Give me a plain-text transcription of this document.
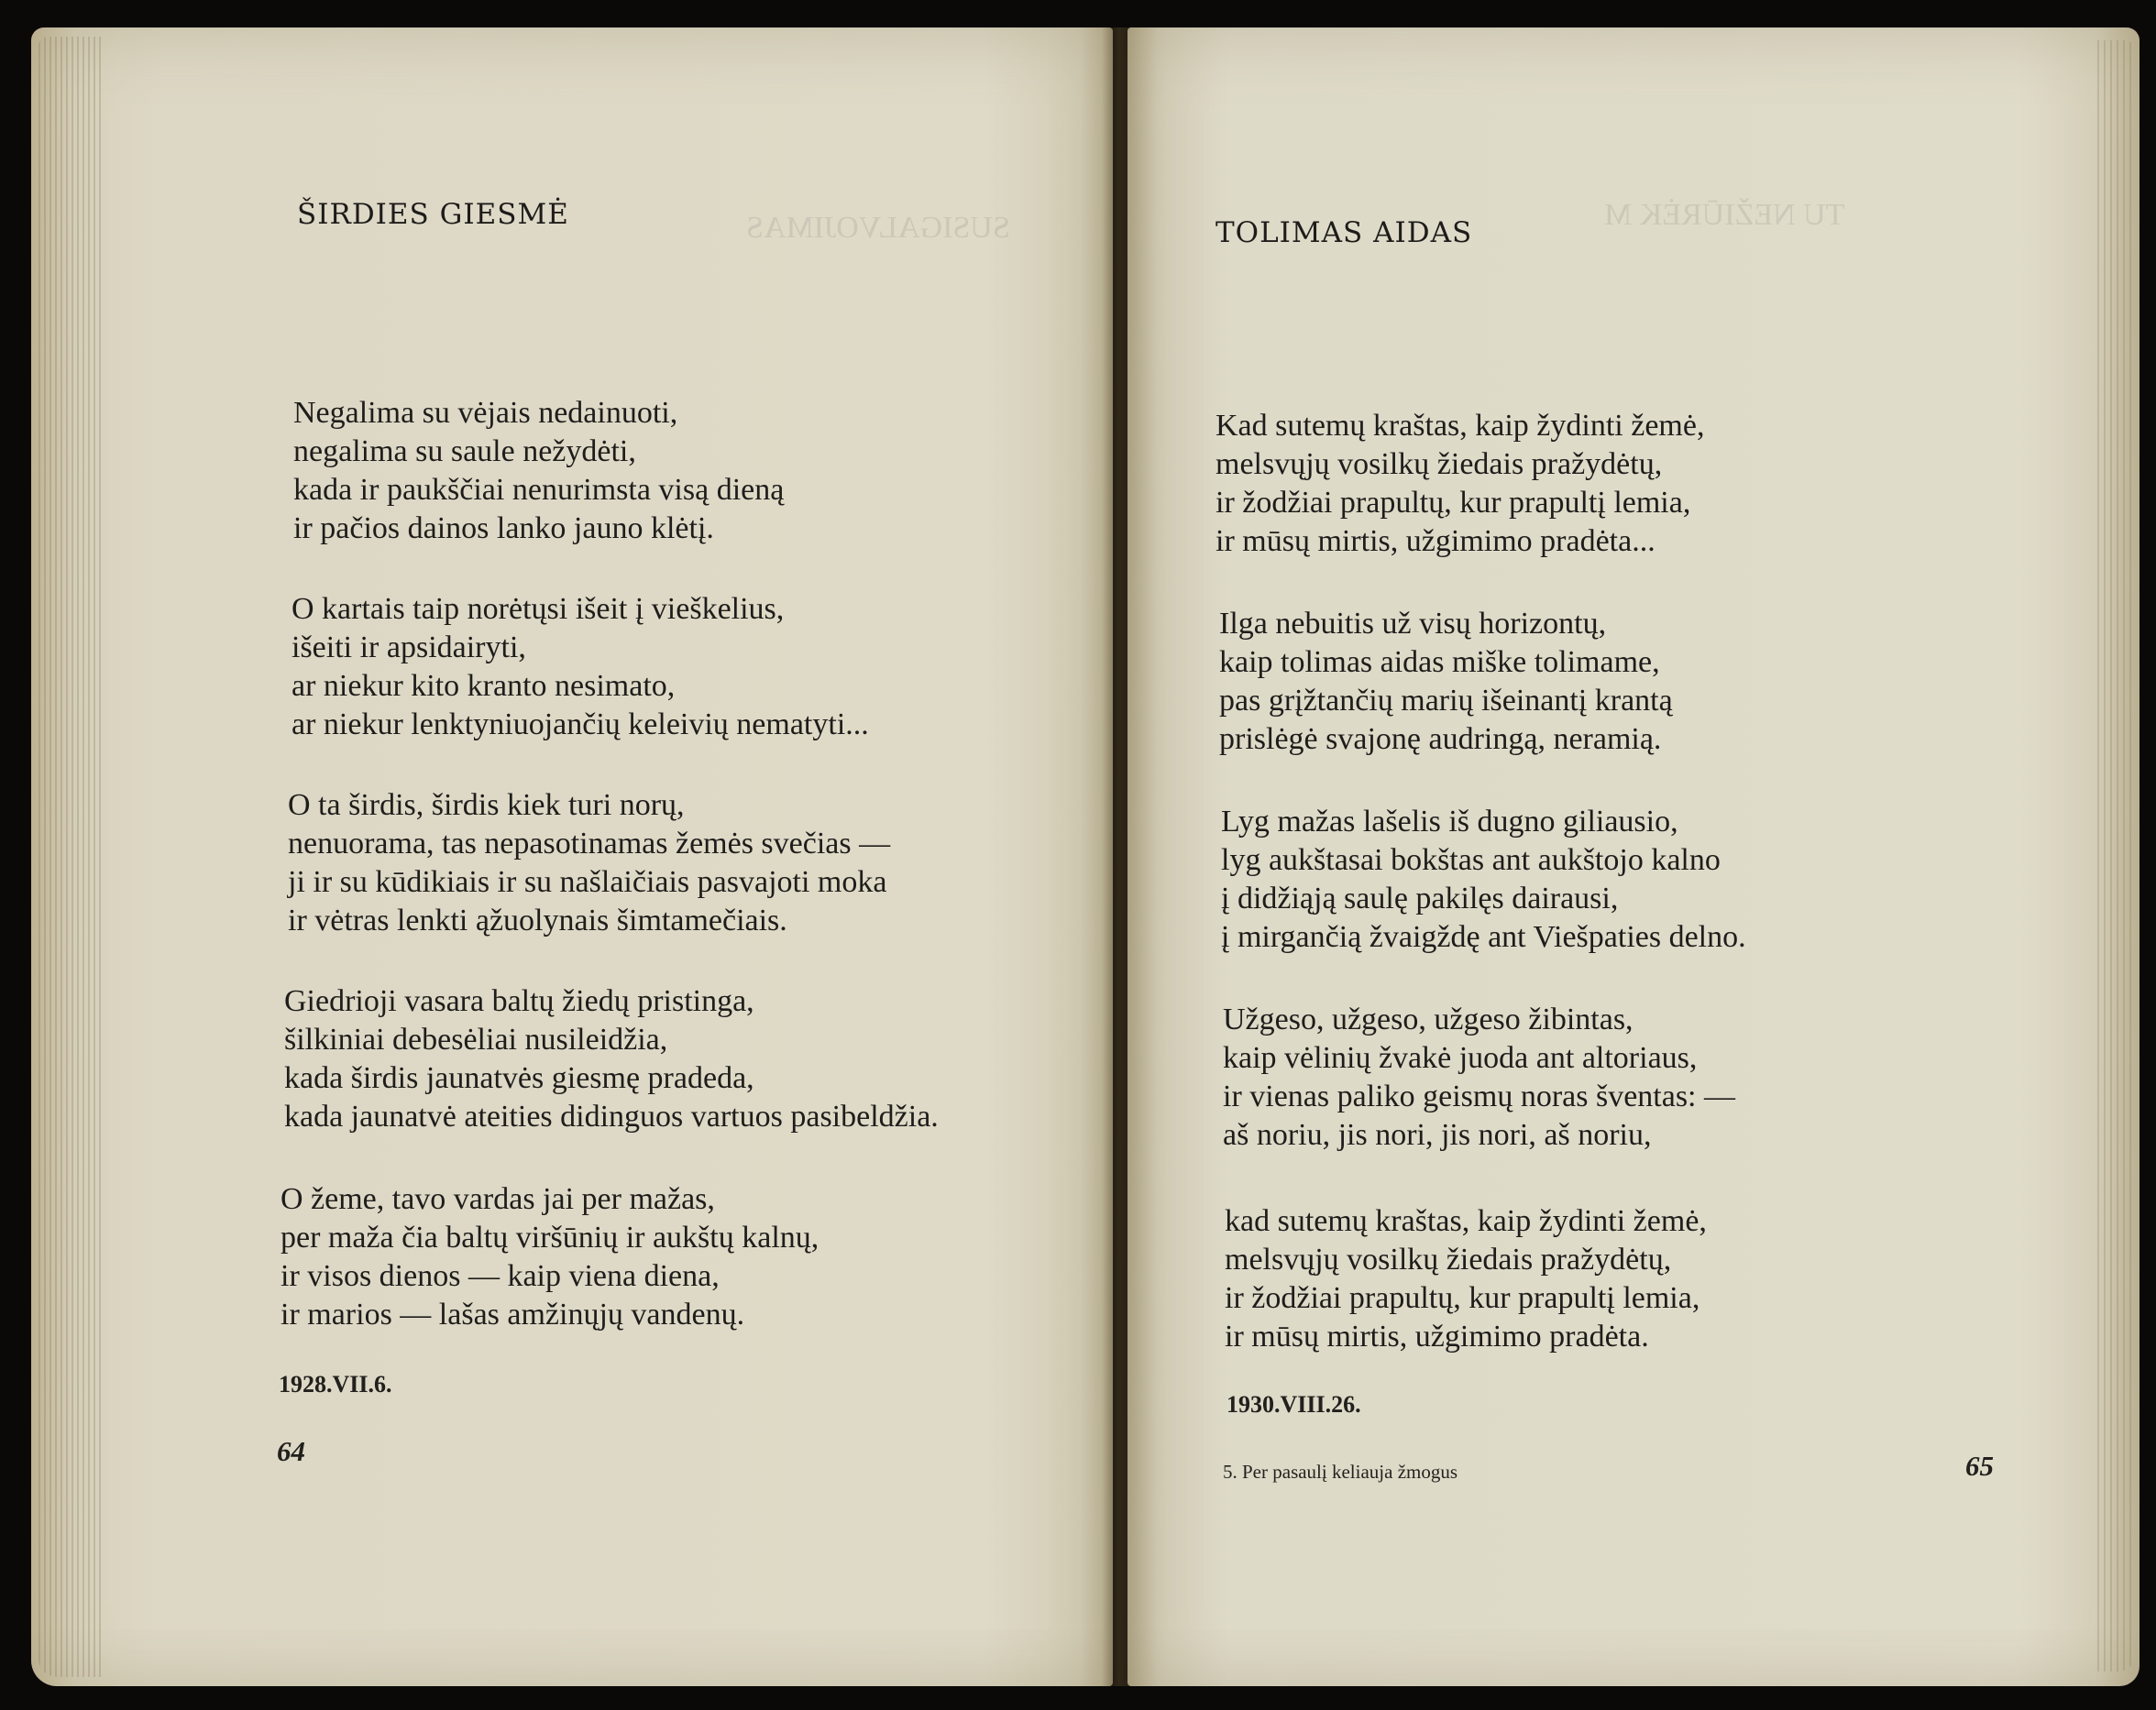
SUSIGALVOJIMAS
ŠIRDIES GIESMĖ
Negalima su vėjais nedainuoti,
negalima su saule nežydėti,
kada ir paukščiai nenurimsta visą dieną
ir pačios dainos lanko jauno klėtį.
O kartais taip norėtųsi išeit į vieškelius,
išeiti ir apsidairyti,
ar niekur kito kranto nesimato,
ar niekur lenktyniuojančių keleivių nematyti...
O ta širdis, širdis kiek turi norų,
nenuorama, tas nepasotinamas žemės svečias —
ji ir su kūdikiais ir su našlaičiais pasvajoti moka
ir vėtras lenkti ąžuolynais šimtamečiais.
Giedrioji vasara baltų žiedų pristinga,
šilkiniai debesėliai nusileidžia,
kada širdis jaunatvės giesmę pradeda,
kada jaunatvė ateities didinguos vartuos pasibeldžia.
O žeme, tavo vardas jai per mažas,
per maža čia baltų viršūnių ir aukštų kalnų,
ir visos dienos — kaip viena diena,
ir marios — lašas amžinųjų vandenų.
1928.VII.6.
64
TU NEŽIŪRĖK M
TOLIMAS AIDAS
Kad sutemų kraštas, kaip žydinti žemė,
melsvųjų vosilkų žiedais pražydėtų,
ir žodžiai prapultų, kur prapultį lemia,
ir mūsų mirtis, užgimimo pradėta...
Ilga nebuitis už visų horizontų,
kaip tolimas aidas miške tolimame,
pas grįžtančių marių išeinantį krantą
prislėgė svajonę audringą, neramią.
Lyg mažas lašelis iš dugno giliausio,
lyg aukštasai bokštas ant aukštojo kalno
į didžiąją saulę pakilęs dairausi,
į mirgančią žvaigždę ant Viešpaties delno.
Užgeso, užgeso, užgeso žibintas,
kaip vėlinių žvakė juoda ant altoriaus,
ir vienas paliko geismų noras šventas: —
aš noriu, jis nori, jis nori, aš noriu,
kad sutemų kraštas, kaip žydinti žemė,
melsvųjų vosilkų žiedais pražydėtų,
ir žodžiai prapultų, kur prapultį lemia,
ir mūsų mirtis, užgimimo pradėta.
1930.VIII.26.
5. Per pasaulį keliauja žmogus	65
